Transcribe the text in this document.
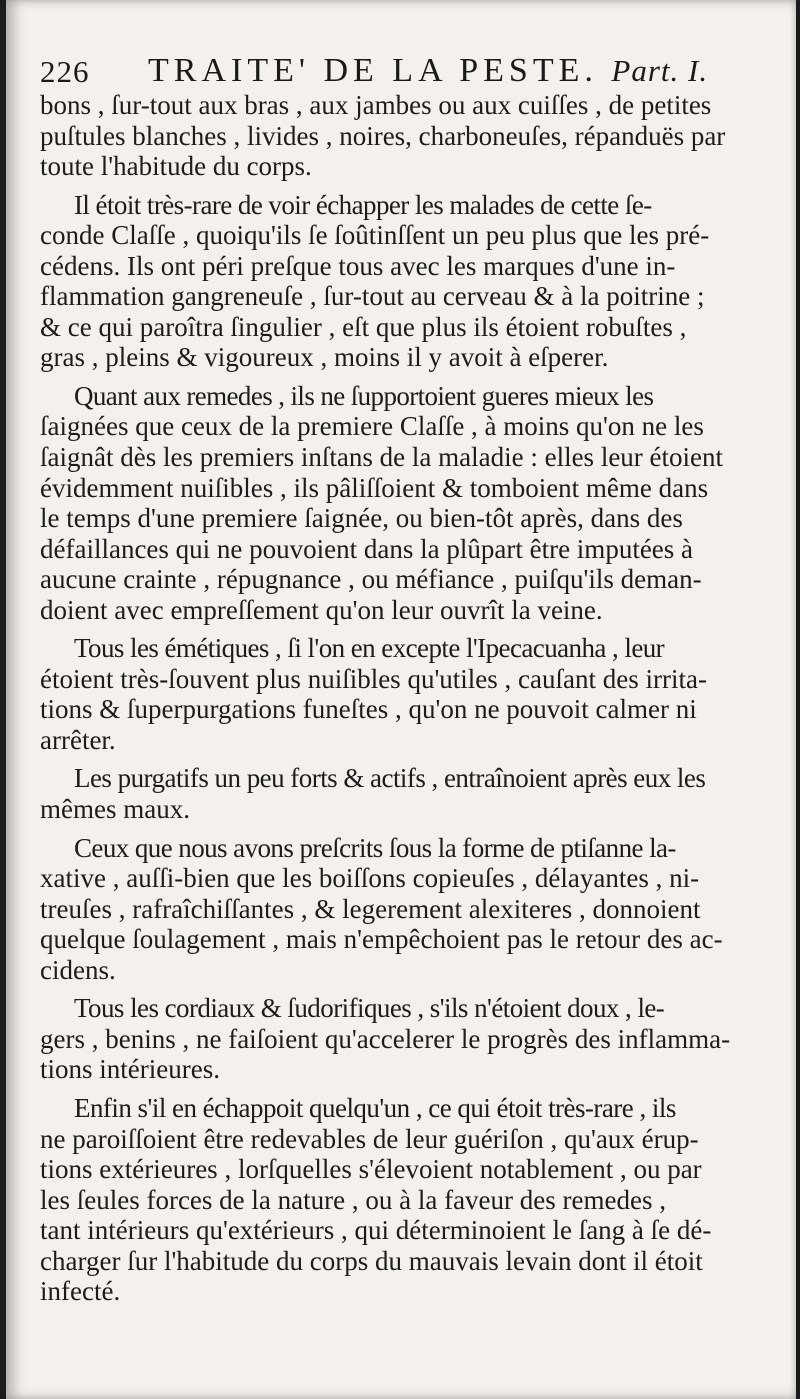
226 TRAITE' DE LA PESTE. Part. I.
bons , ſur-tout aux bras , aux jambes ou aux cuiſſes , de petites
puſtules blanches , livides , noires, charboneuſes, répanduës par
toute l'habitude du corps.
Il étoit très-rare de voir échapper les malades de cette ſe-
conde Claſſe , quoiqu'ils ſe ſoûtinſſent un peu plus que les pré-
cédens. Ils ont péri preſque tous avec les marques d'une in-
flammation gangreneuſe , ſur-tout au cerveau & à la poitrine ;
& ce qui paroîtra ſingulier , eſt que plus ils étoient robuſtes ,
gras , pleins & vigoureux , moins il y avoit à eſperer.
Quant aux remedes , ils ne ſupportoient gueres mieux les
ſaignées que ceux de la premiere Claſſe , à moins qu'on ne les
ſaignât dès les premiers inſtans de la maladie : elles leur étoient
évidemment nuiſibles , ils pâliſſoient & tomboient même dans
le temps d'une premiere ſaignée, ou bien-tôt après, dans des
défaillances qui ne pouvoient dans la plûpart être imputées à
aucune crainte , répugnance , ou méfiance , puiſqu'ils deman-
doient avec empreſſement qu'on leur ouvrît la veine.
Tous les émétiques , ſi l'on en excepte l'Ipecacuanha , leur
étoient très-ſouvent plus nuiſibles qu'utiles , cauſant des irrita-
tions & ſuperpurgations funeſtes , qu'on ne pouvoit calmer ni
arrêter.
Les purgatifs un peu forts & actifs , entraînoient après eux les
mêmes maux.
Ceux que nous avons preſcrits ſous la forme de ptiſanne la-
xative , auſſi-bien que les boiſſons copieuſes , délayantes , ni-
treuſes , rafraîchiſſantes , & legerement alexiteres , donnoient
quelque ſoulagement , mais n'empêchoient pas le retour des ac-
cidens.
Tous les cordiaux & ſudorifiques , s'ils n'étoient doux , le-
gers , benins , ne faiſoient qu'accelerer le progrès des inflamma-
tions intérieures.
Enfin s'il en échappoit quelqu'un , ce qui étoit très-rare , ils
ne paroiſſoient être redevables de leur guériſon , qu'aux érup-
tions extérieures , lorſquelles s'élevoient notablement , ou par
les ſeules forces de la nature , ou à la faveur des remedes ,
tant intérieurs qu'extérieurs , qui déterminoient le ſang à ſe dé-
charger ſur l'habitude du corps du mauvais levain dont il étoit
infecté.
